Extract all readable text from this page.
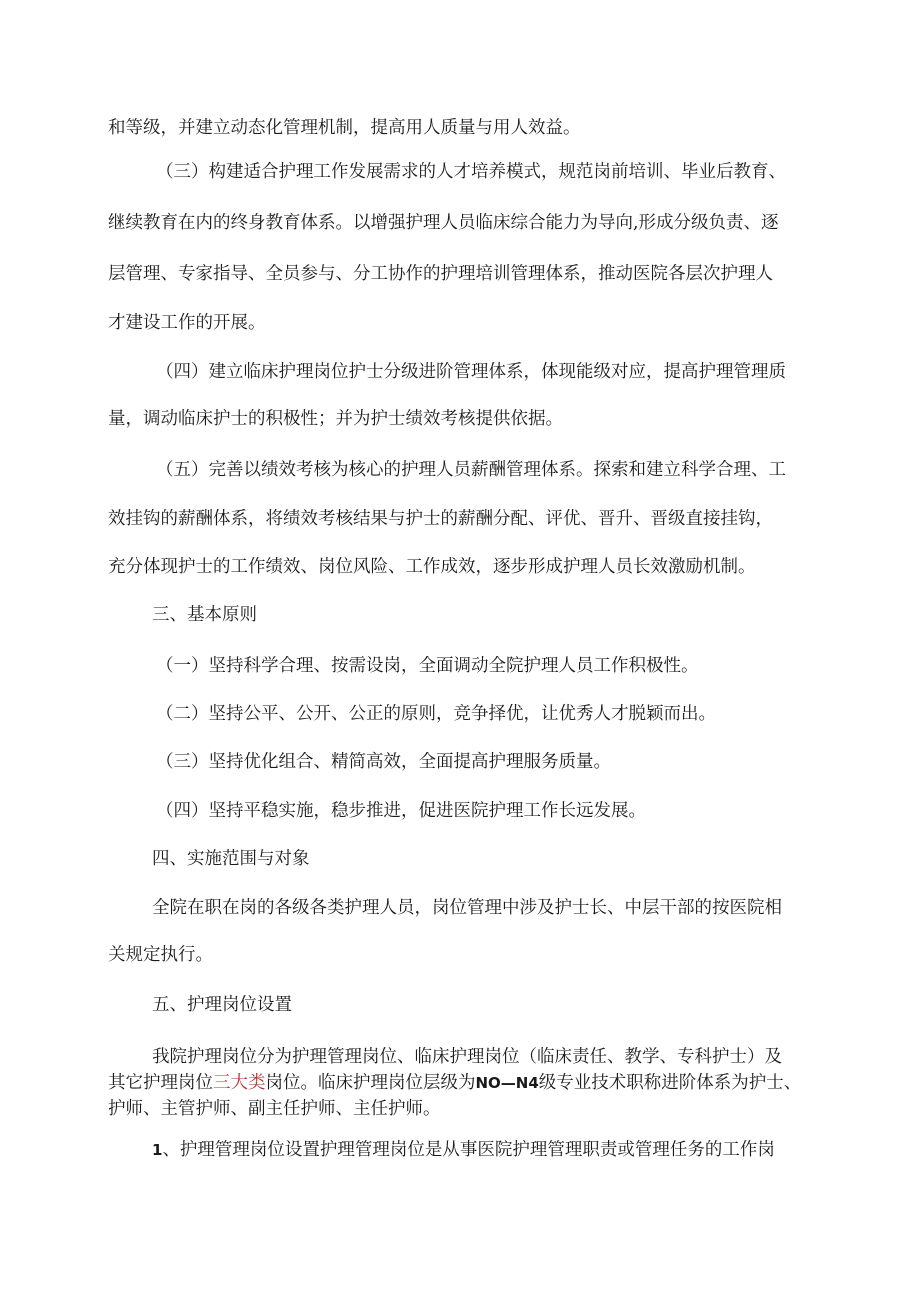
和等级，并建立动态化管理机制，提高用人质量与用人效益。
（三）构建适合护理工作发展需求的人才培养模式，规范岗前培训、毕业后教育、
继续教育在内的终身教育体系。以增强护理人员临床综合能力为导向,形成分级负责、逐
层管理、专家指导、全员参与、分工协作的护理培训管理体系，推动医院各层次护理人
才建设工作的开展。
（四）建立临床护理岗位护士分级进阶管理体系，体现能级对应，提高护理管理质
量，调动临床护士的积极性；并为护士绩效考核提供依据。
（五）完善以绩效考核为核心的护理人员薪酬管理体系。探索和建立科学合理、工
效挂钩的薪酬体系，将绩效考核结果与护士的薪酬分配、评优、晋升、晋级直接挂钩，
充分体现护士的工作绩效、岗位风险、工作成效，逐步形成护理人员长效激励机制。
三、基本原则
（一）坚持科学合理、按需设岗，全面调动全院护理人员工作积极性。
（二）坚持公平、公开、公正的原则，竞争择优，让优秀人才脱颖而出。
（三）坚持优化组合、精简高效，全面提高护理服务质量。
（四）坚持平稳实施，稳步推进，促进医院护理工作长远发展。
四、实施范围与对象
全院在职在岗的各级各类护理人员，岗位管理中涉及护士长、中层干部的按医院相
关规定执行。
五、护理岗位设置
我院护理岗位分为护理管理岗位、临床护理岗位（临床责任、教学、专科护士）及
其它护理岗位三大类岗位。临床护理岗位层级为NO—N4级专业技术职称进阶体系为护士、
护师、主管护师、副主任护师、主任护师。
1、护理管理岗位设置护理管理岗位是从事医院护理管理职责或管理任务的工作岗
